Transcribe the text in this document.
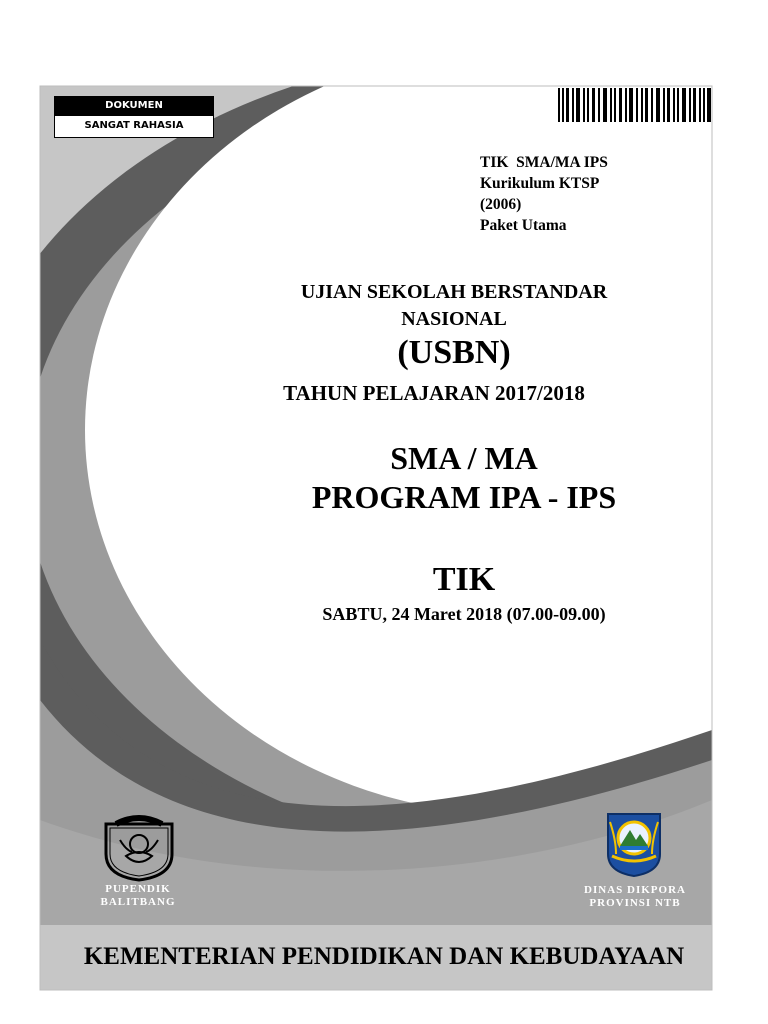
DOKUMEN
SANGAT RAHASIA
TIK  SMA/MA IPS
Kurikulum KTSP
(2006)
Paket Utama
UJIAN SEKOLAH BERSTANDAR
NASIONAL
(USBN)
TAHUN PELAJARAN 2017/2018
SMA / MA
PROGRAM IPA - IPS
TIK
SABTU, 24 Maret 2018 (07.00-09.00)
PUPENDIK
BALITBANG
DINAS DIKPORA
PROVINSI NTB
KEMENTERIAN PENDIDIKAN DAN KEBUDAYAAN
